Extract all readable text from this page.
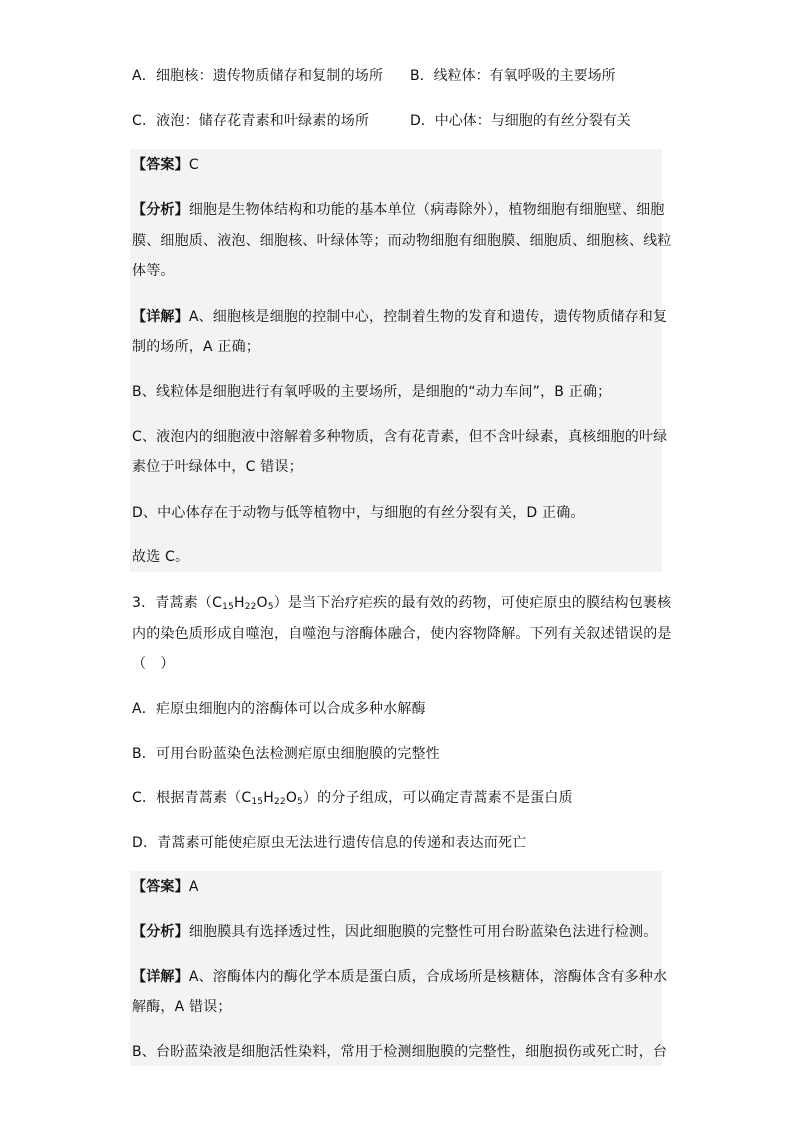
A．细胞核：遗传物质储存和复制的场所 B．线粒体：有氧呼吸的主要场所
C．液泡：储存花青素和叶绿素的场所	D．中心体：与细胞的有丝分裂有关
【答案】C
【分析】细胞是生物体结构和功能的基本单位（病毒除外），植物细胞有细胞壁、细胞
膜、细胞质、液泡、细胞核、叶绿体等；而动物细胞有细胞膜、细胞质、细胞核、线粒
体等。
【详解】A、细胞核是细胞的控制中心，控制着生物的发育和遗传，遗传物质储存和复
制的场所，A 正确；
B、线粒体是细胞进行有氧呼吸的主要场所，是细胞的“动力车间”，B 正确；
C、液泡内的细胞液中溶解着多种物质，含有花青素，但不含叶绿素，真核细胞的叶绿
素位于叶绿体中，C 错误；
D、中心体存在于动物与低等植物中，与细胞的有丝分裂有关，D 正确。
故选 C。
3．青蒿素$(C_{15}H_{22}O_5)$是当下治疗疟疾的最有效的药物，可使疟原虫的膜结构包裹核
内的染色质形成自噬泡，自噬泡与溶酶体融合，使内容物降解。下列有关叙述错误的是
（　）
A．疟原虫细胞内的溶酶体可以合成多种水解酶
B．可用台盼蓝染色法检测疟原虫细胞膜的完整性
C．根据青蒿素$(C_{15}H_{22}O_5)$的分子组成，可以确定青蒿素不是蛋白质
D．青蒿素可能使疟原虫无法进行遗传信息的传递和表达而死亡
【答案】A
【分析】细胞膜具有选择透过性，因此细胞膜的完整性可用台盼蓝染色法进行检测。
【详解】A、溶酶体内的酶化学本质是蛋白质，合成场所是核糖体，溶酶体含有多种水
解酶，A 错误；
B、台盼蓝染液是细胞活性染料，常用于检测细胞膜的完整性，细胞损伤或死亡时，台
